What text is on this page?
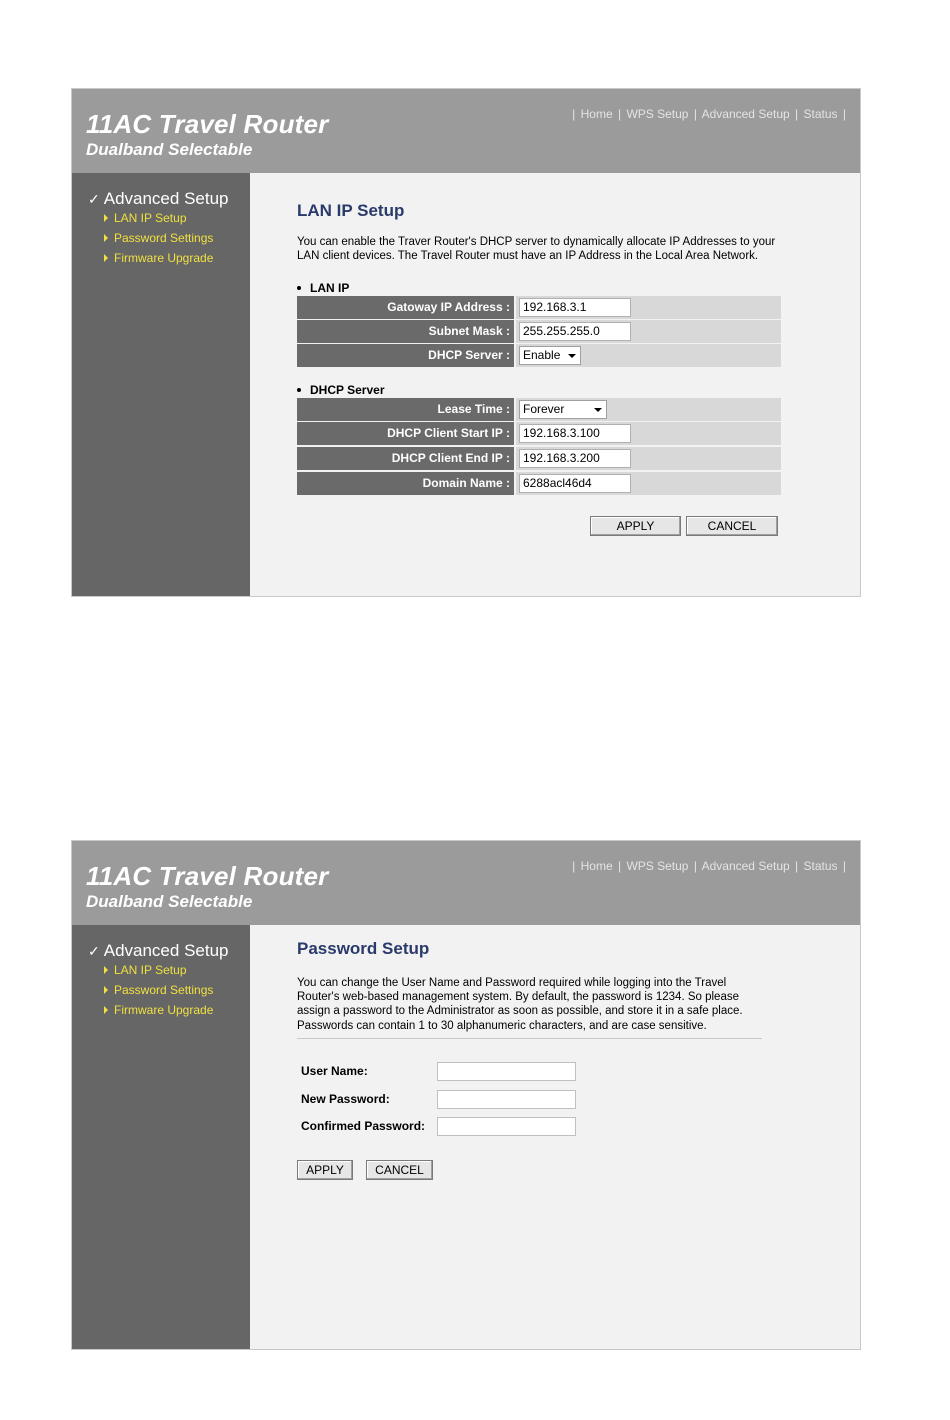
11AC Travel Router
Dualband Selectable
| Home | WPS Setup | Advanced Setup | Status |
✓ Advanced Setup
LAN IP Setup
Password Settings
Firmware Upgrade
LAN IP Setup
You can enable the Traver Router's DHCP server to dynamically allocate IP Addresses to your
LAN client devices. The Travel Router must have an IP Address in the Local Area Network.
LAN IP
Gatoway IP Address :	192.168.3.1
Subnet Mask :	255.255.255.0
DHCP Server :	Enable
DHCP Server
Lease Time :	Forever
DHCP Client Start IP :	192.168.3.100
DHCP Client End IP :	192.168.3.200
Domain Name :	6288acl46d4
APPLY	CANCEL
11AC Travel Router
Dualband Selectable
| Home | WPS Setup | Advanced Setup | Status |
✓ Advanced Setup
LAN IP Setup
Password Settings
Firmware Upgrade
Password Setup
You can change the User Name and Password required while logging into the Travel
Router's web-based management system. By default, the password is 1234. So please
assign a password to the Administrator as soon as possible, and store it in a safe place.
Passwords can contain 1 to 30 alphanumeric characters, and are case sensitive.
User Name:
New Password:
Confirmed Password:
APPLY	CANCEL
